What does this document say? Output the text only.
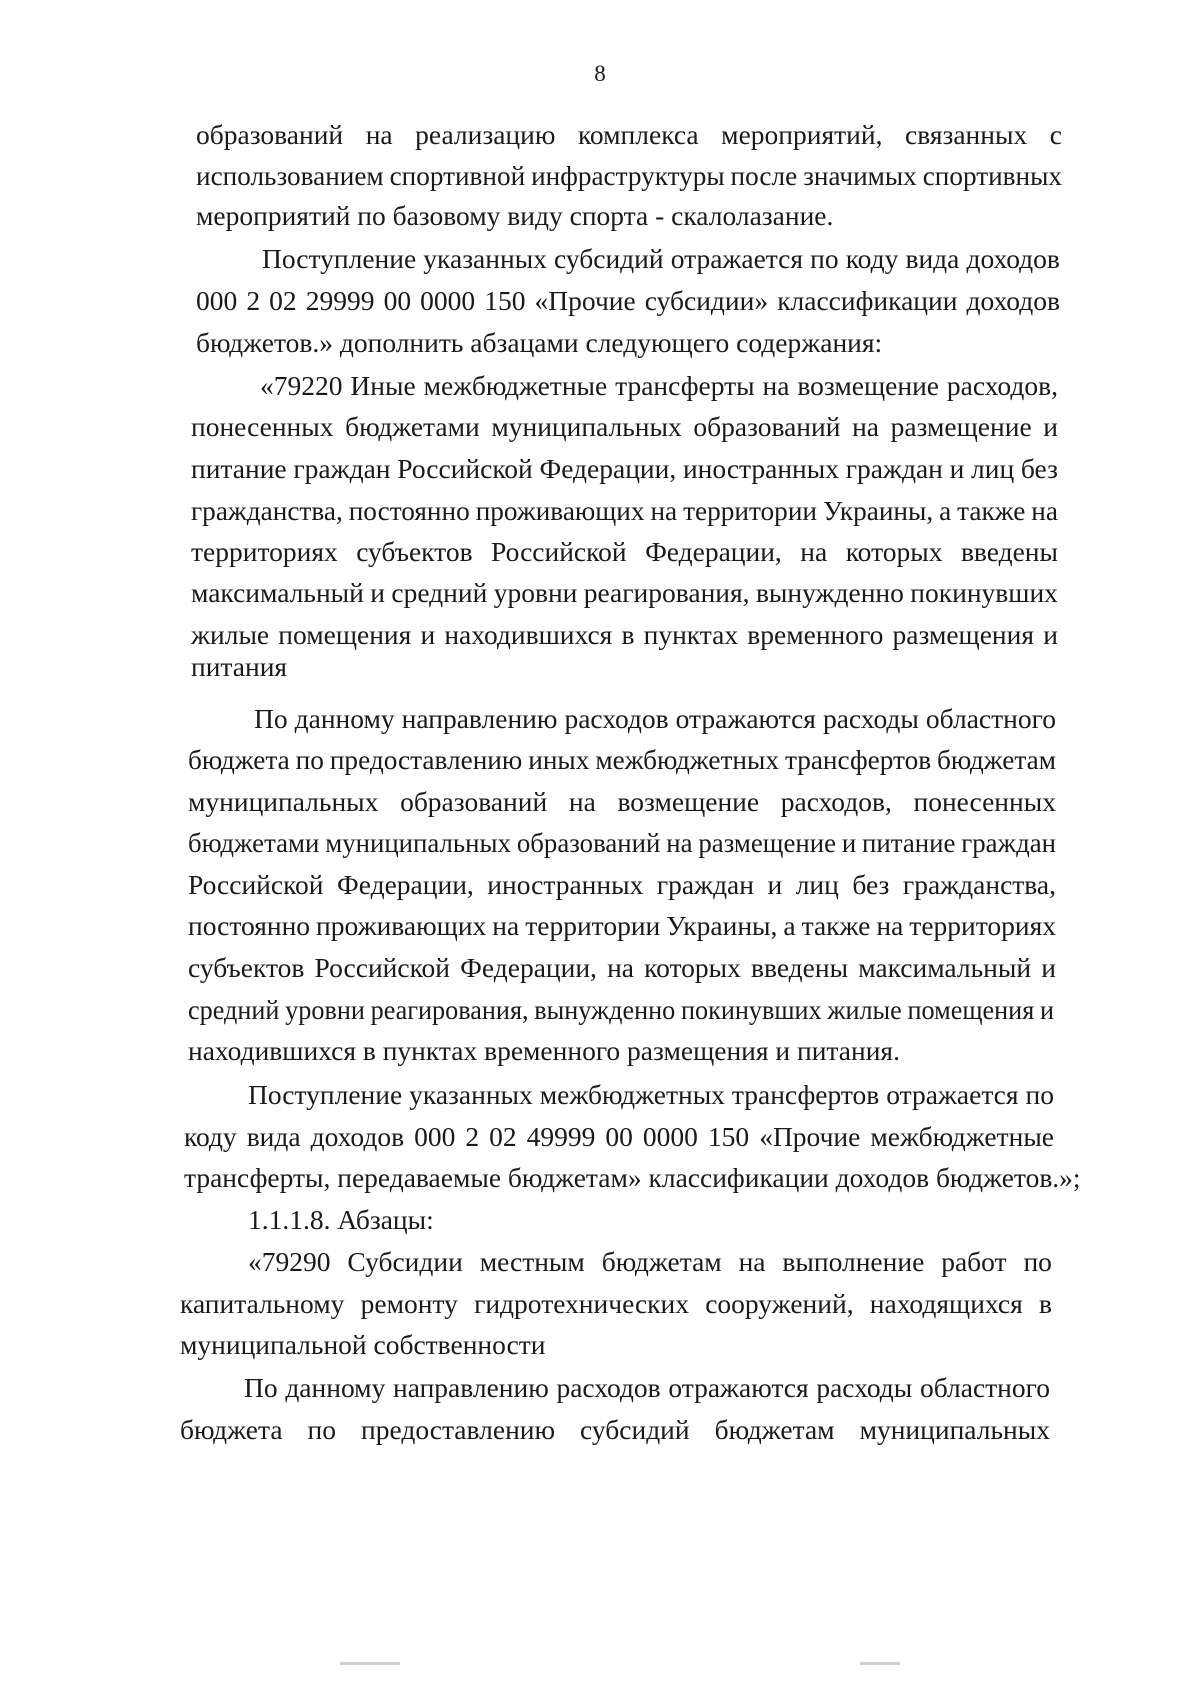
8
образований на реализацию комплекса мероприятий, связанных с
использованием спортивной инфраструктуры после значимых спортивных
мероприятий по базовому виду спорта - скалолазание.
Поступление указанных субсидий отражается по коду вида доходов
000 2 02 29999 00 0000 150 «Прочие субсидии» классификации доходов
бюджетов.» дополнить абзацами следующего содержания:
«79220 Иные межбюджетные трансферты на возмещение расходов,
понесенных бюджетами муниципальных образований на размещение и
питание граждан Российской Федерации, иностранных граждан и лиц без
гражданства, постоянно проживающих на территории Украины, а также на
территориях субъектов Российской Федерации, на которых введены
максимальный и средний уровни реагирования, вынужденно покинувших
жилые помещения и находившихся в пунктах временного размещения и
питания
По данному направлению расходов отражаются расходы областного
бюджета по предоставлению иных межбюджетных трансфертов бюджетам
муниципальных образований на возмещение расходов, понесенных
бюджетами муниципальных образований на размещение и питание граждан
Российской Федерации, иностранных граждан и лиц без гражданства,
постоянно проживающих на территории Украины, а также на территориях
субъектов Российской Федерации, на которых введены максимальный и
средний уровни реагирования, вынужденно покинувших жилые помещения и
находившихся в пунктах временного размещения и питания.
Поступление указанных межбюджетных трансфертов отражается по
коду вида доходов 000 2 02 49999 00 0000 150 «Прочие межбюджетные
трансферты, передаваемые бюджетам» классификации доходов бюджетов.»;
1.1.1.8. Абзацы:
«79290 Субсидии местным бюджетам на выполнение работ по
капитальному ремонту гидротехнических сооружений, находящихся в
муниципальной собственности
По данному направлению расходов отражаются расходы областного
бюджета по предоставлению субсидий бюджетам муниципальных
